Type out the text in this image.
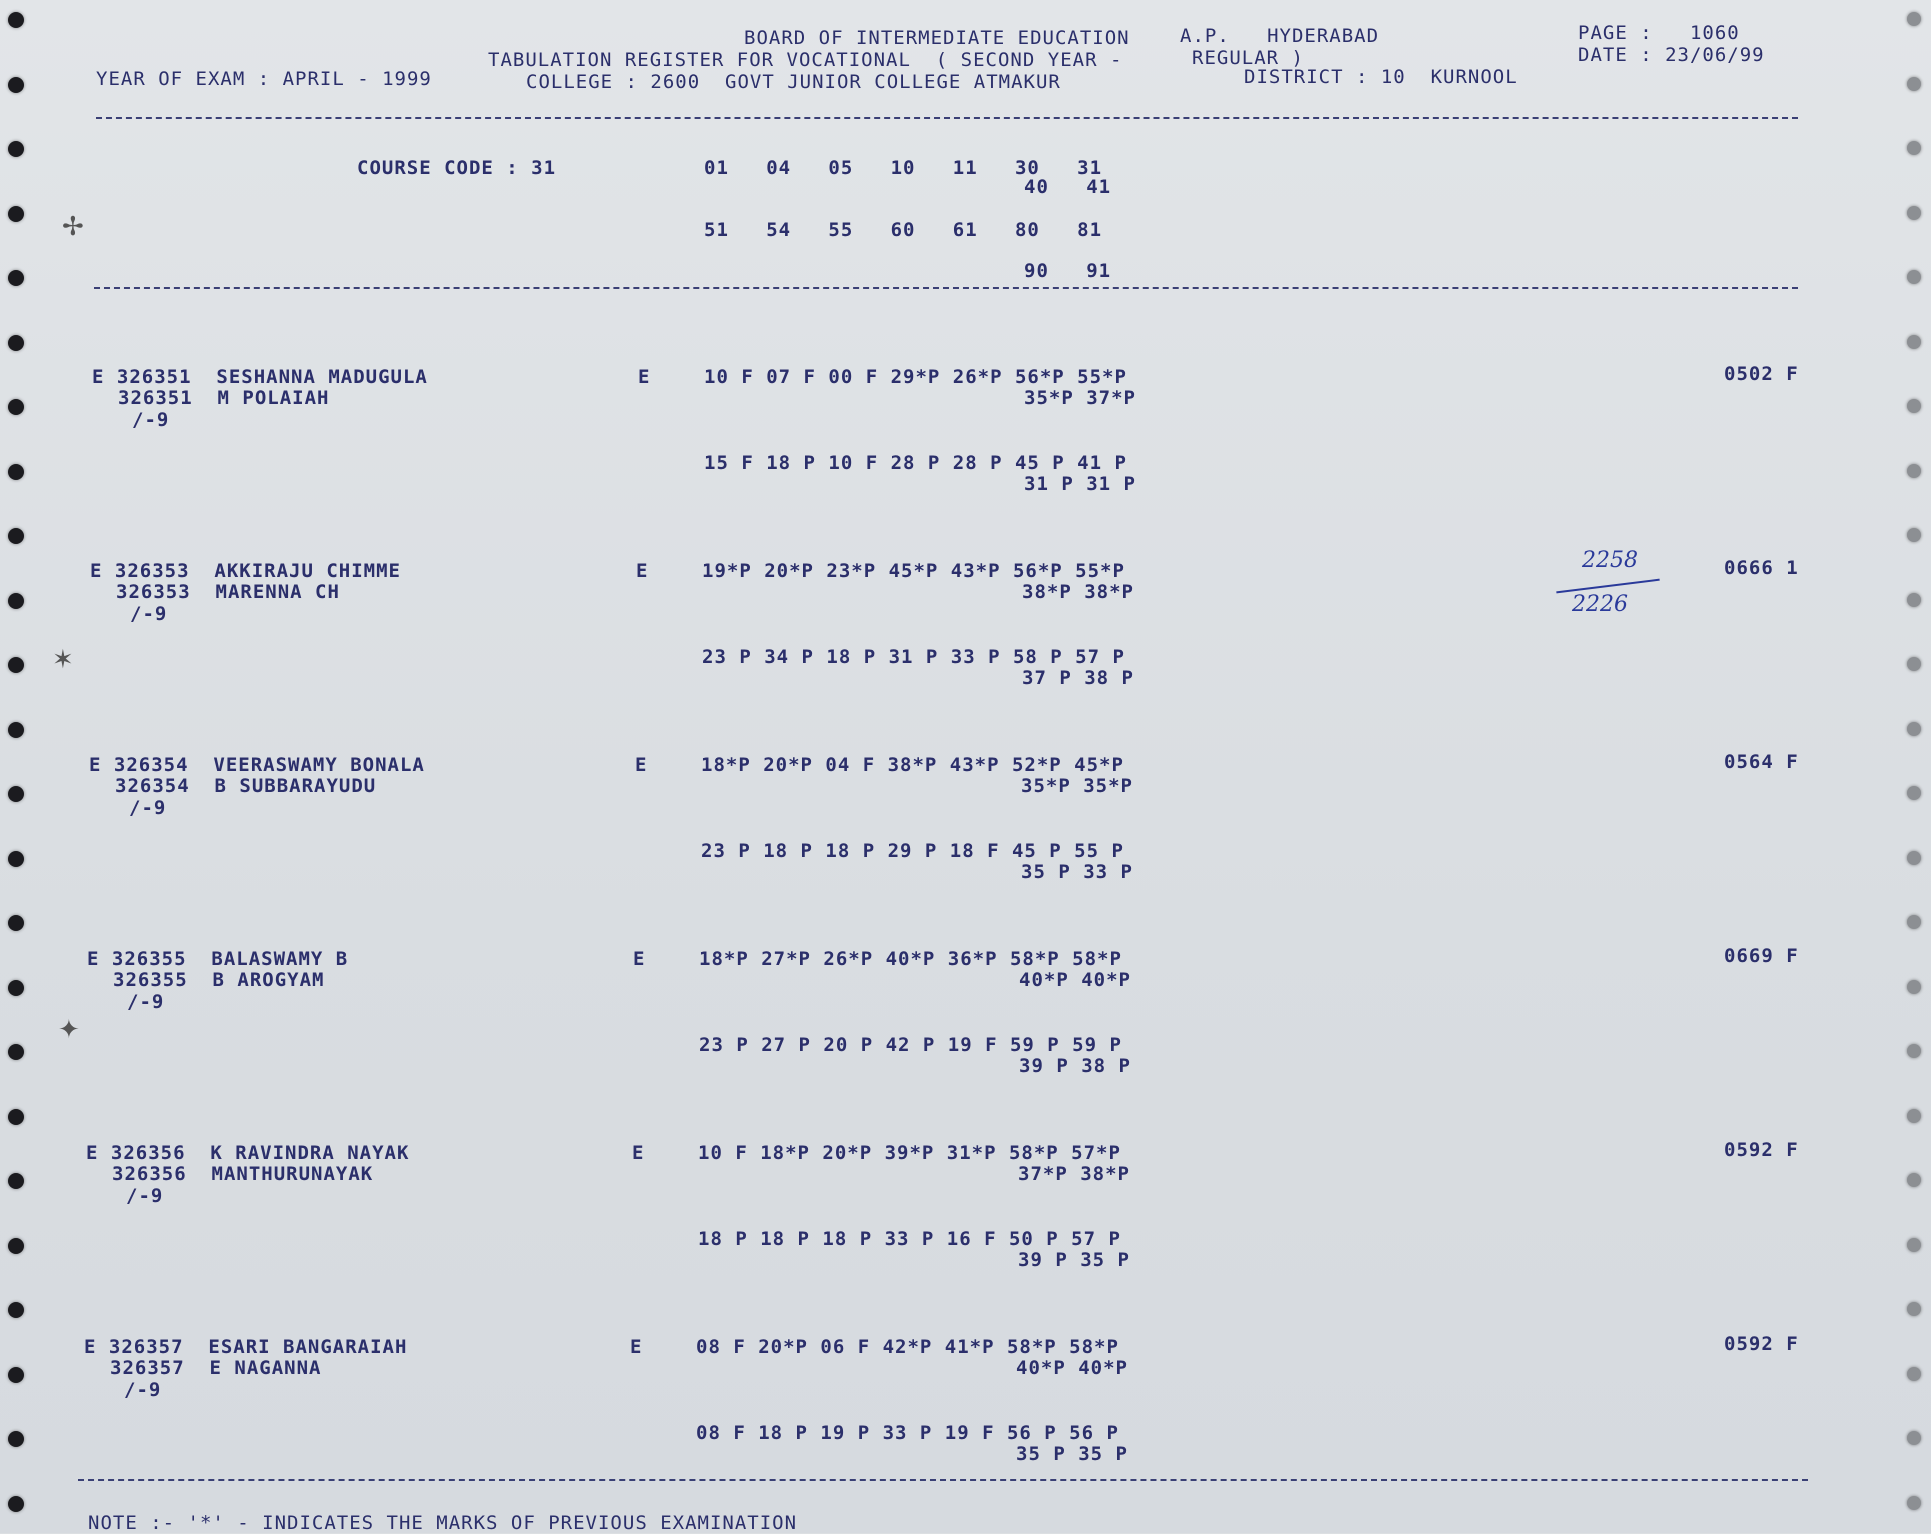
BOARD OF INTERMEDIATE EDUCATION	A.P.   HYDERABAD
TABULATION REGISTER FOR VOCATIONAL  ( SECOND YEAR -	REGULAR )
YEAR OF EXAM : APRIL - 1999	COLLEGE : 2600  GOVT JUNIOR COLLEGE ATMAKUR	DISTRICT : 10  KURNOOL
PAGE :   1060
DATE : 23/06/99
COURSE CODE : 31	01   04   05   10   11   30   31
40   41
51   54   55   60   61   80   81
90   91
E 326351  SESHANNA MADUGULA
326351  M POLAIAH
/-9
E	10 F 07 F 00 F 29*P 26*P 56*P 55*P
35*P 37*P
15 F 18 P 10 F 28 P 28 P 45 P 41 P
31 P 31 P
0502 F
E 326353  AKKIRAJU CHIMME
326353  MARENNA CH
/-9
E	19*P 20*P 23*P 45*P 43*P 56*P 55*P
38*P 38*P
23 P 34 P 18 P 31 P 33 P 58 P 57 P
37 P 38 P
0666 1
E 326354  VEERASWAMY BONALA
326354  B SUBBARAYUDU
/-9
E	18*P 20*P 04 F 38*P 43*P 52*P 45*P
35*P 35*P
23 P 18 P 18 P 29 P 18 F 45 P 55 P
35 P 33 P
0564 F
E 326355  BALASWAMY B
326355  B AROGYAM
/-9
E	18*P 27*P 26*P 40*P 36*P 58*P 58*P
40*P 40*P
23 P 27 P 20 P 42 P 19 F 59 P 59 P
39 P 38 P
0669 F
E 326356  K RAVINDRA NAYAK
326356  MANTHURUNAYAK
/-9
E	10 F 18*P 20*P 39*P 31*P 58*P 57*P
37*P 38*P
18 P 18 P 18 P 33 P 16 F 50 P 57 P
39 P 35 P
0592 F
E 326357  ESARI BANGARAIAH
326357  E NAGANNA
/-9
E	08 F 20*P 06 F 42*P 41*P 58*P 58*P
40*P 40*P
08 F 18 P 19 P 33 P 19 F 56 P 56 P
35 P 35 P
0592 F
2258
2226
✢
✶
✦
NOTE :- '*' - INDICATES THE MARKS OF PREVIOUS EXAMINATION
